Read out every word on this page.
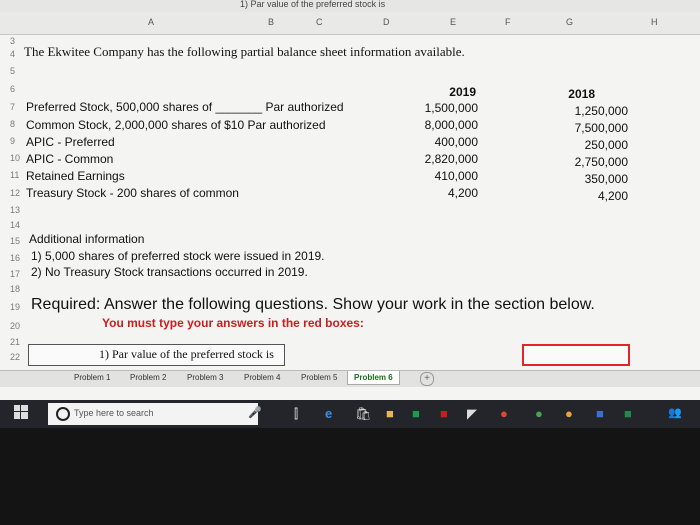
1) Par value of the preferred stock is
A	B	C	D	E	F	G	H
3
4
5
6
7
8
9
10
11
12
13
14
15
16
17
18
19
20
21
22
The Ekwitee Company has the following partial balance sheet information available.
2019	2018
Preferred Stock, 500,000 shares of _______ Par authorized	1,500,000	1,250,000
Common Stock, 2,000,000 shares of $10 Par authorized	8,000,000	7,500,000
APIC - Preferred	400,000	250,000
APIC - Common	2,820,000	2,750,000
Retained Earnings	410,000	350,000
Treasury Stock - 200 shares of common	4,200	4,200
Additional information
1) 5,000 shares of preferred stock were issued in 2019.
2) No Treasury Stock transactions occurred in 2019.
Required: Answer the following questions. Show your work in the section below.
You must type your answers in the red boxes:
1) Par value of the preferred stock is
Problem 1	Problem 2	Problem 3	Problem 4	Problem 5	Problem 6	+
Type here to search	🎤 ⫿ e 🛍 ■ ■ ■ ◤ ● ● ● ■ ■	👥
